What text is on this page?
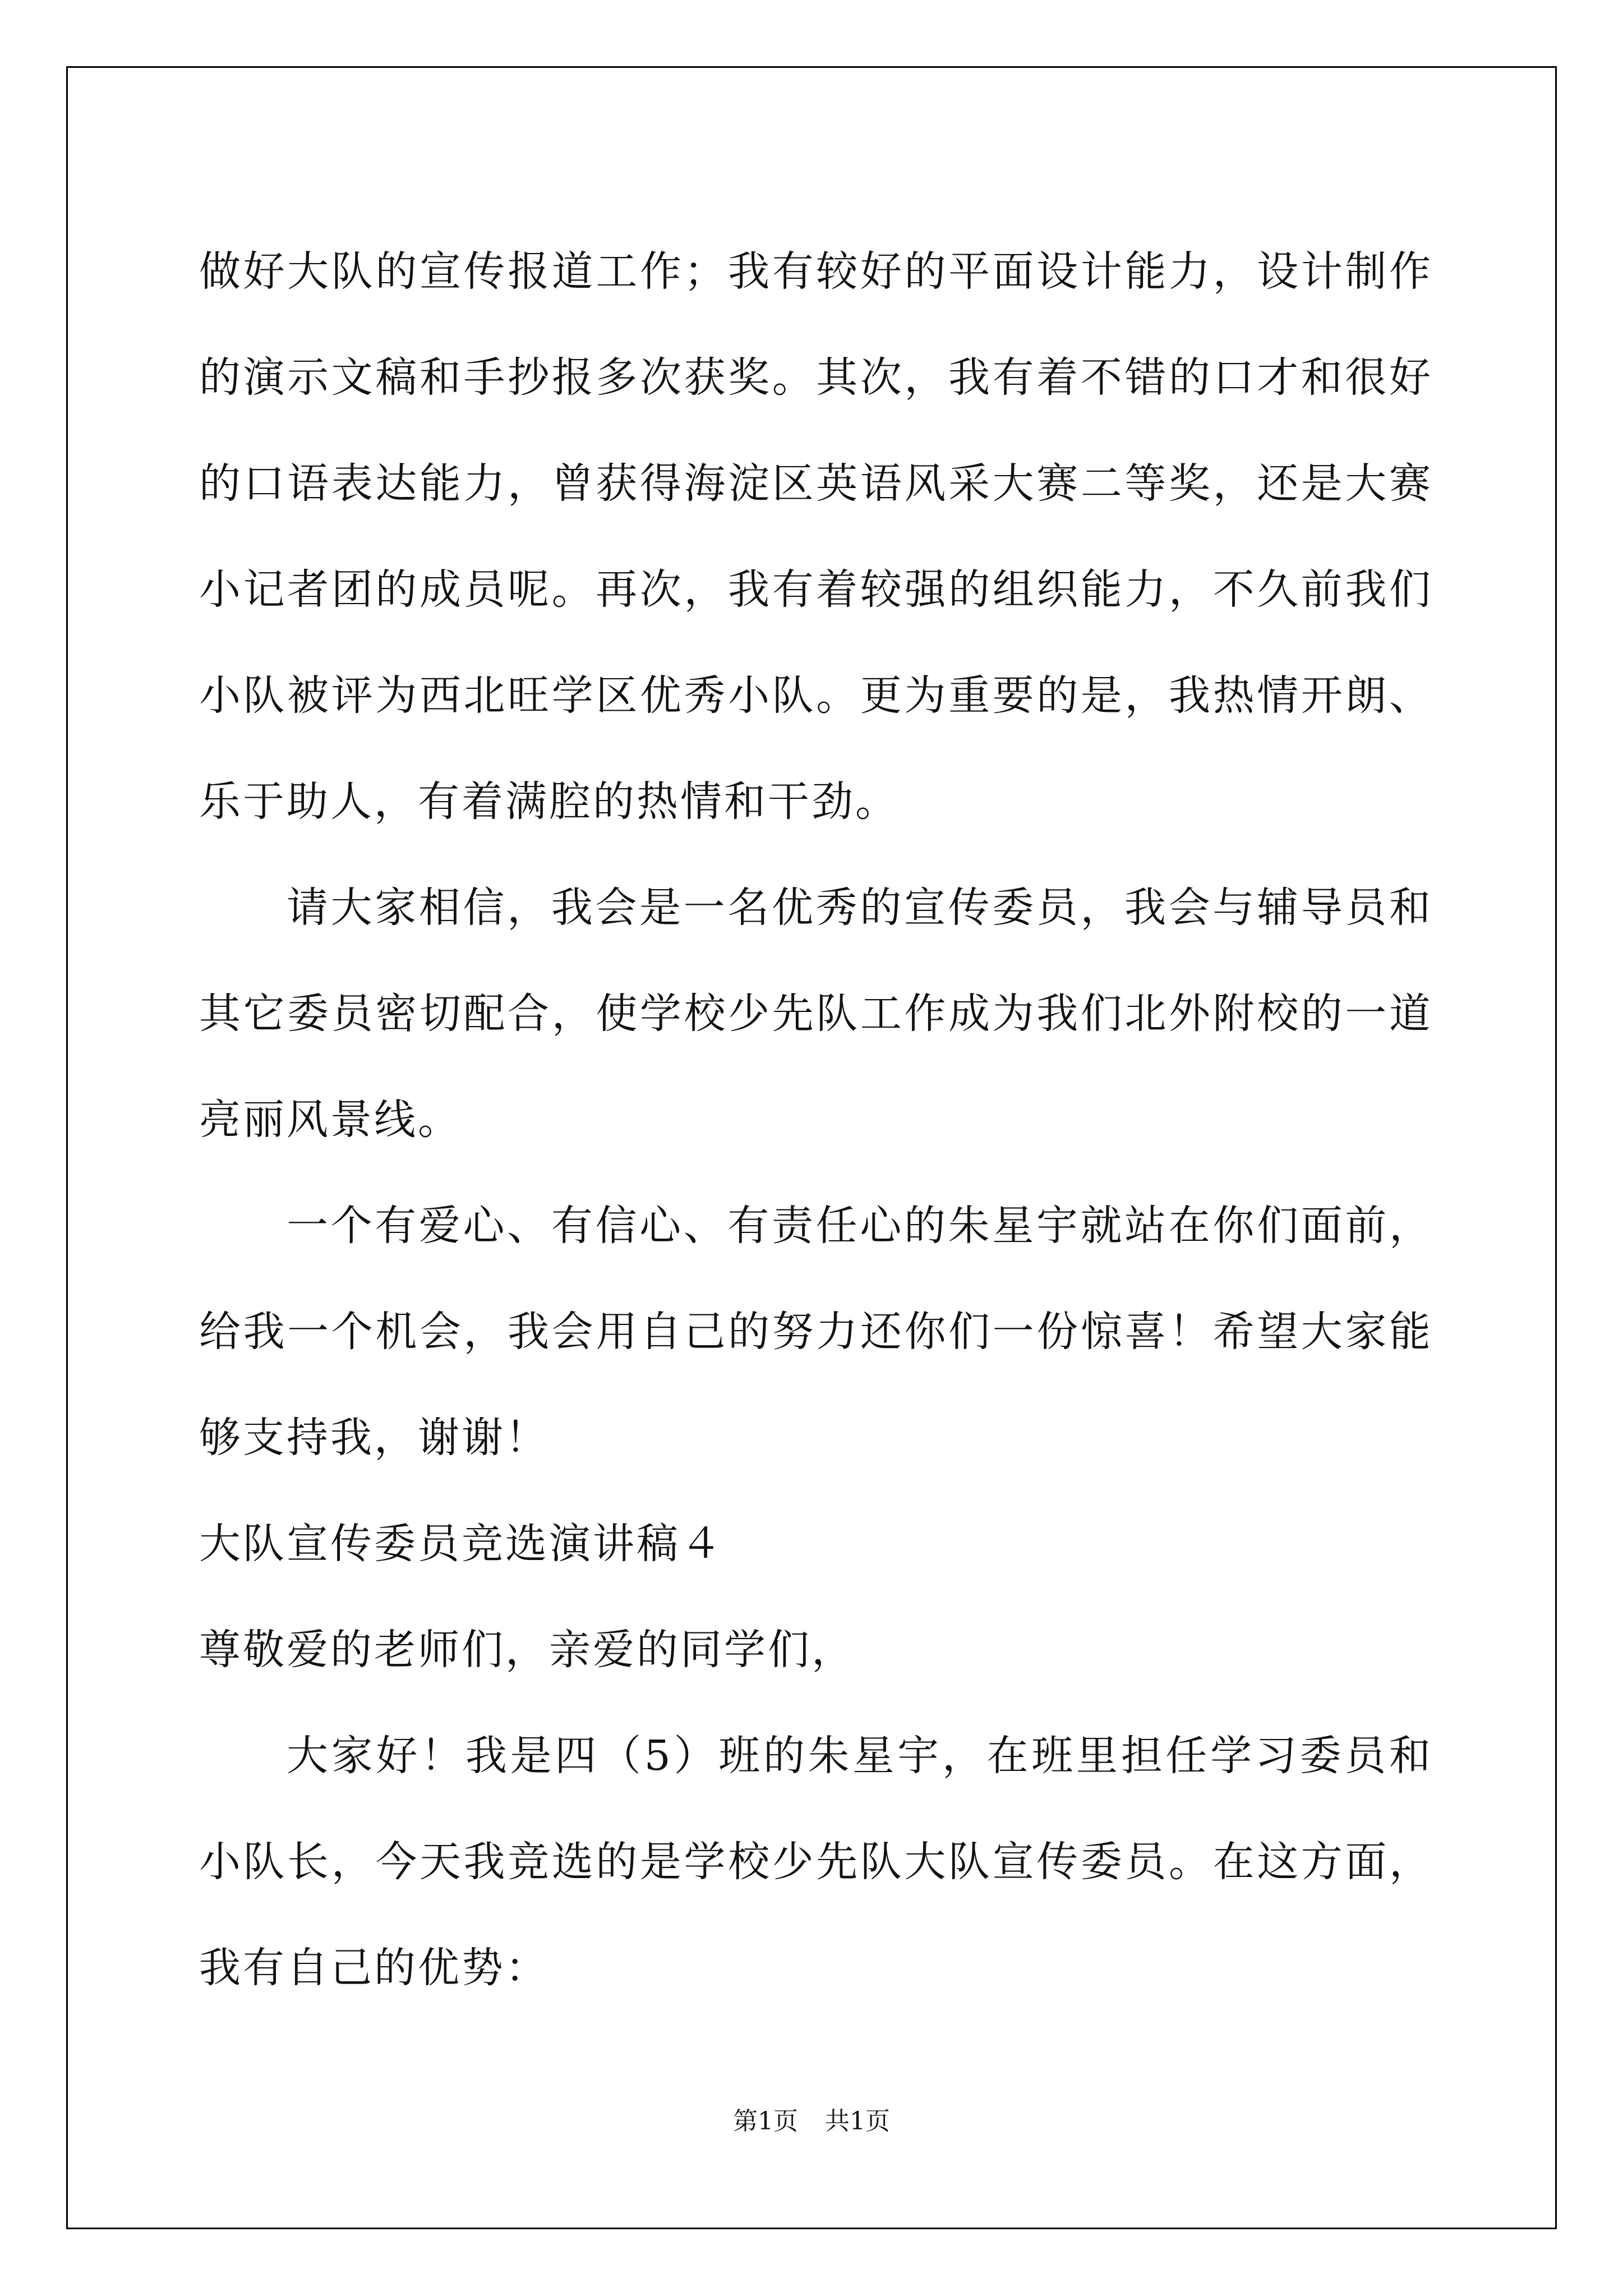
做好大队的宣传报道工作；我有较好的平面设计能力，设计制作的演示文稿和手抄报多次获奖。其次，我有着不错的口才和很好的口语表达能力，曾获得海淀区英语风采大赛二等奖，还是大赛小记者团的成员呢。再次，我有着较强的组织能力，不久前我们小队被评为西北旺学区优秀小队。更为重要的是，我热情开朗、乐于助人，有着满腔的热情和干劲。

请大家相信，我会是一名优秀的宣传委员，我会与辅导员和其它委员密切配合，使学校少先队工作成为我们北外附校的一道亮丽风景线。

一个有爱心、有信心、有责任心的朱星宇就站在你们面前，给我一个机会，我会用自己的努力还你们一份惊喜！希望大家能够支持我，谢谢！

大队宣传委员竞选演讲稿４

尊敬爱的老师们，亲爱的同学们，

大家好！我是四（5）班的朱星宇，在班里担任学习委员和小队长，今天我竞选的是学校少先队大队宣传委员。在这方面，我有自己的优势：

第1页 共1页
